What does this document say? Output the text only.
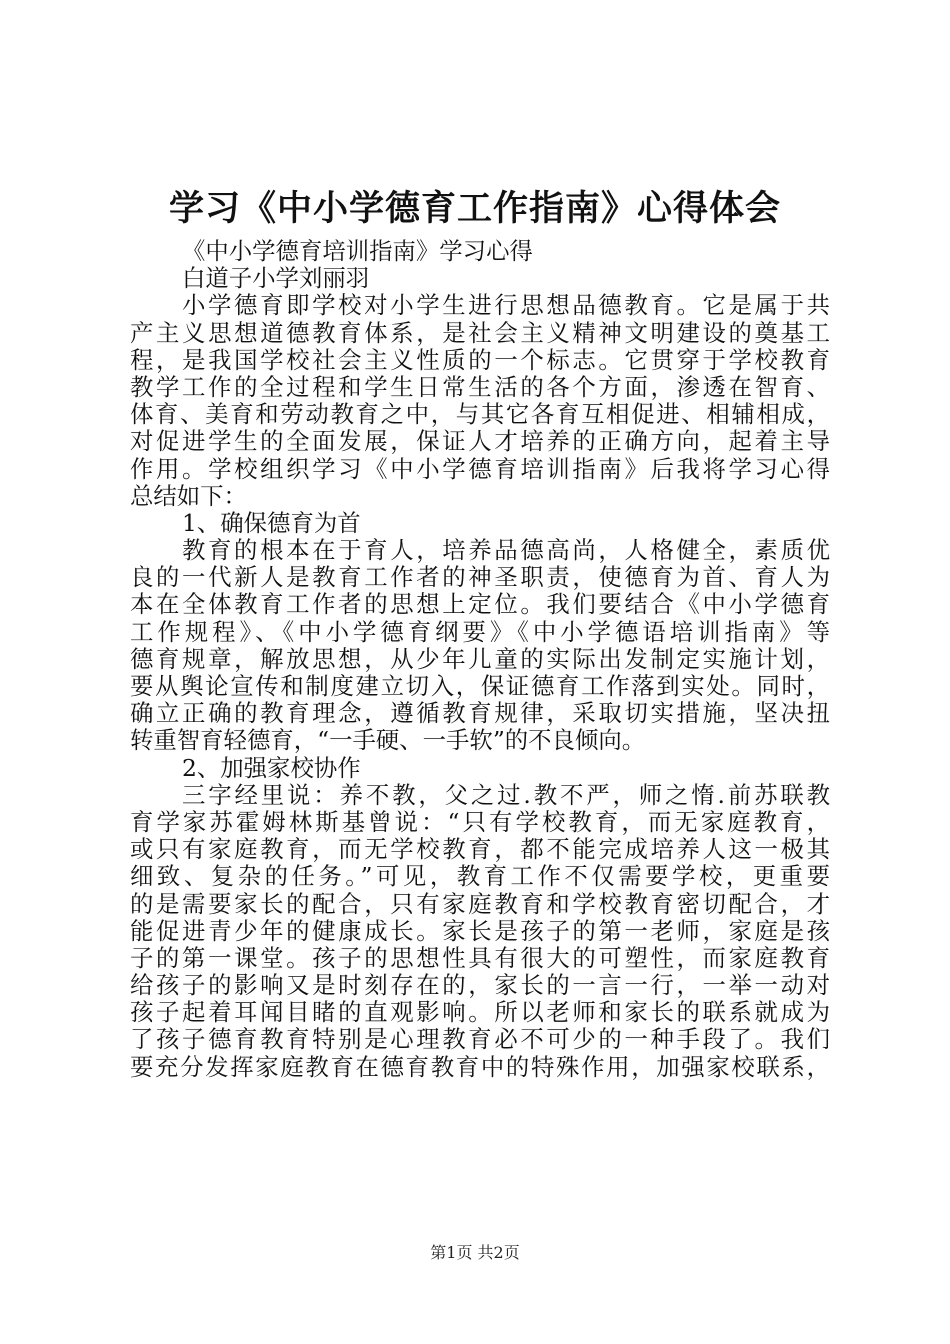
学习《中小学德育工作指南》心得体会
《中小学德育培训指南》学习心得
白道子小学刘丽羽
小学德育即学校对小学生进行思想品德教育。它是属于共
产主义思想道德教育体系，是社会主义精神文明建设的奠基工
程，是我国学校社会主义性质的一个标志。它贯穿于学校教育
教学工作的全过程和学生日常生活的各个方面，渗透在智育、
体育、美育和劳动教育之中，与其它各育互相促进、相辅相成，
对促进学生的全面发展，保证人才培养的正确方向，起着主导
作用。学校组织学习《中小学德育培训指南》后我将学习心得
总结如下：
1、确保德育为首
教育的根本在于育人，培养品德高尚，人格健全，素质优
良的一代新人是教育工作者的神圣职责，使德育为首、育人为
本在全体教育工作者的思想上定位。我们要结合《中小学德育
工作规程》、《中小学德育纲要》《中小学德语培训指南》等
德育规章，解放思想，从少年儿童的实际出发制定实施计划，
要从舆论宣传和制度建立切入，保证德育工作落到实处。同时，
确立正确的教育理念，遵循教育规律，采取切实措施，坚决扭
转重智育轻德育，“一手硬、一手软”的不良倾向。
2、加强家校协作
三字经里说：养不教，父之过.教不严，师之惰.前苏联教
育学家苏霍姆林斯基曾说：“只有学校教育，而无家庭教育，
或只有家庭教育，而无学校教育，都不能完成培养人这一极其
细致、复杂的任务。”可见，教育工作不仅需要学校，更重要
的是需要家长的配合，只有家庭教育和学校教育密切配合，才
能促进青少年的健康成长。家长是孩子的第一老师，家庭是孩
子的第一课堂。孩子的思想性具有很大的可塑性，而家庭教育
给孩子的影响又是时刻存在的，家长的一言一行，一举一动对
孩子起着耳闻目睹的直观影响。所以老师和家长的联系就成为
了孩子德育教育特别是心理教育必不可少的一种手段了。我们
要充分发挥家庭教育在德育教育中的特殊作用，加强家校联系，
第1页 共2页
